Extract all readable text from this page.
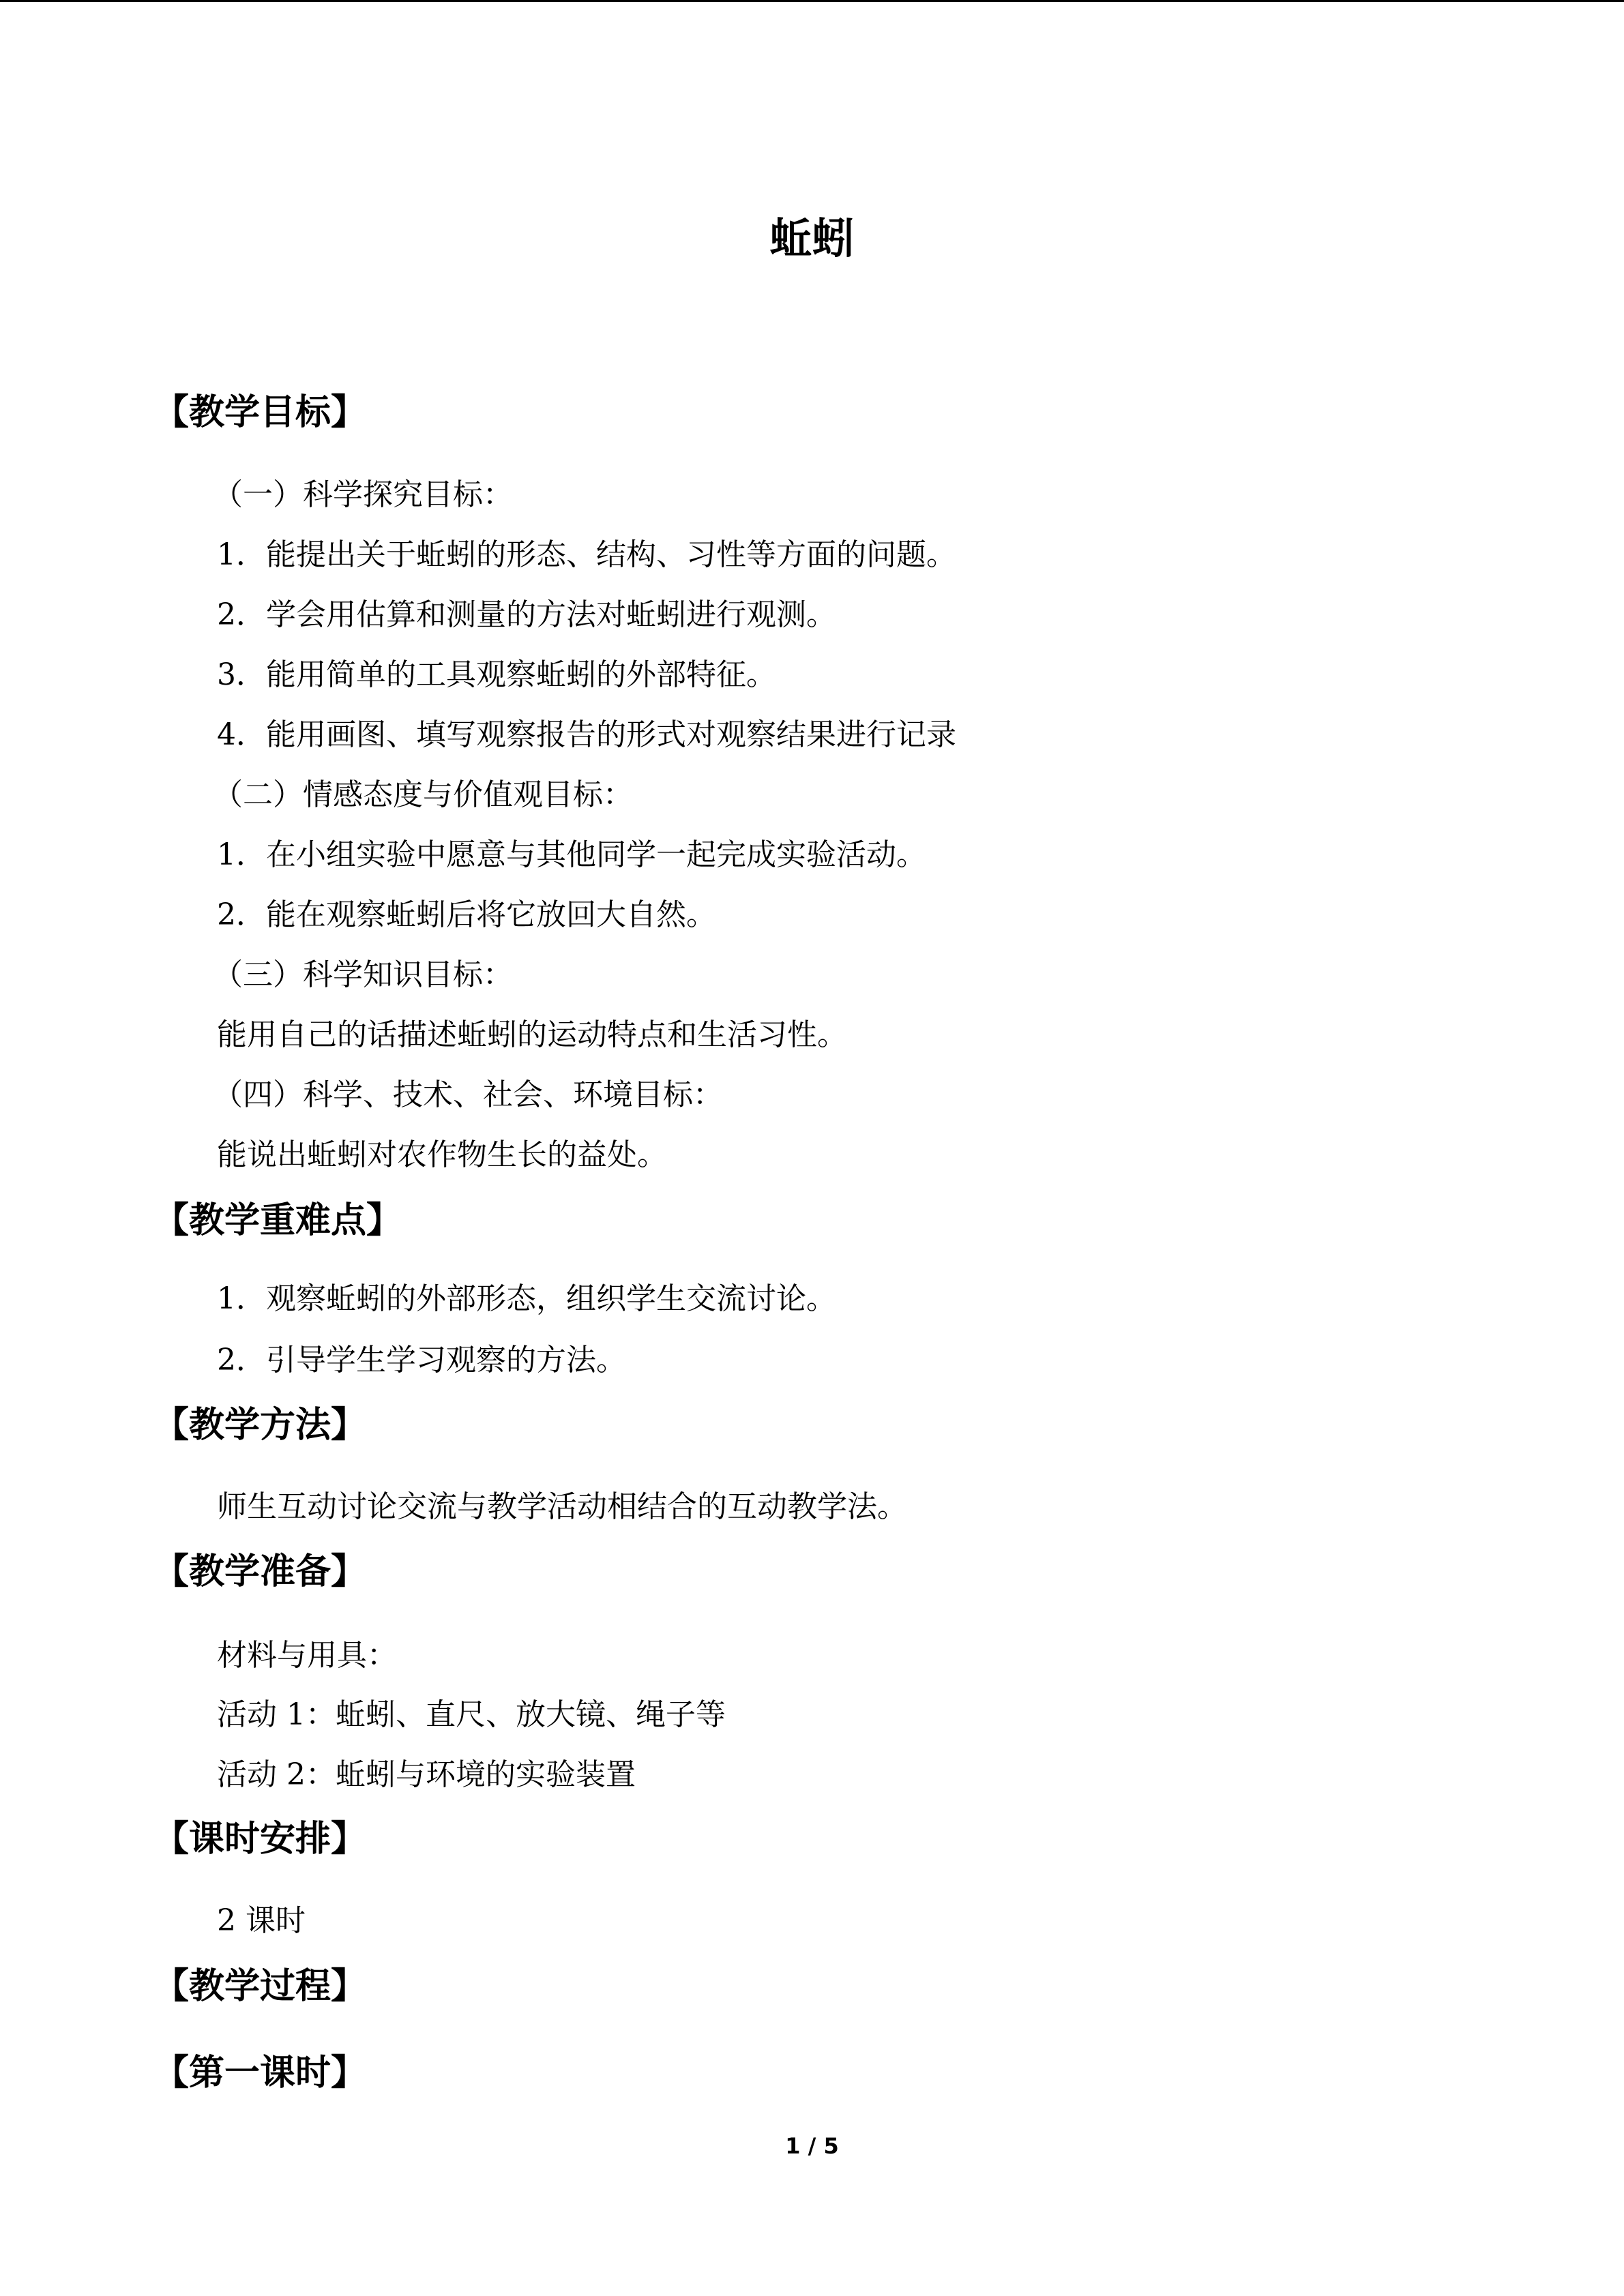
蚯蚓
【教学目标】
（一）科学探究目标：
1．能提出关于蚯蚓的形态、结构、习性等方面的问题。
2．学会用估算和测量的方法对蚯蚓进行观测。
3．能用简单的工具观察蚯蚓的外部特征。
4．能用画图、填写观察报告的形式对观察结果进行记录
（二）情感态度与价值观目标：
1．在小组实验中愿意与其他同学一起完成实验活动。
2．能在观察蚯蚓后将它放回大自然。
（三）科学知识目标：
能用自己的话描述蚯蚓的运动特点和生活习性。
（四）科学、技术、社会、环境目标：
能说出蚯蚓对农作物生长的益处。
【教学重难点】
1．观察蚯蚓的外部形态，组织学生交流讨论。
2．引导学生学习观察的方法。
【教学方法】
师生互动讨论交流与教学活动相结合的互动教学法。
【教学准备】
材料与用具：
活动 1：蚯蚓、直尺、放大镜、绳子等
活动 2：蚯蚓与环境的实验装置
【课时安排】
2 课时
【教学过程】
【第一课时】
1 / 5
